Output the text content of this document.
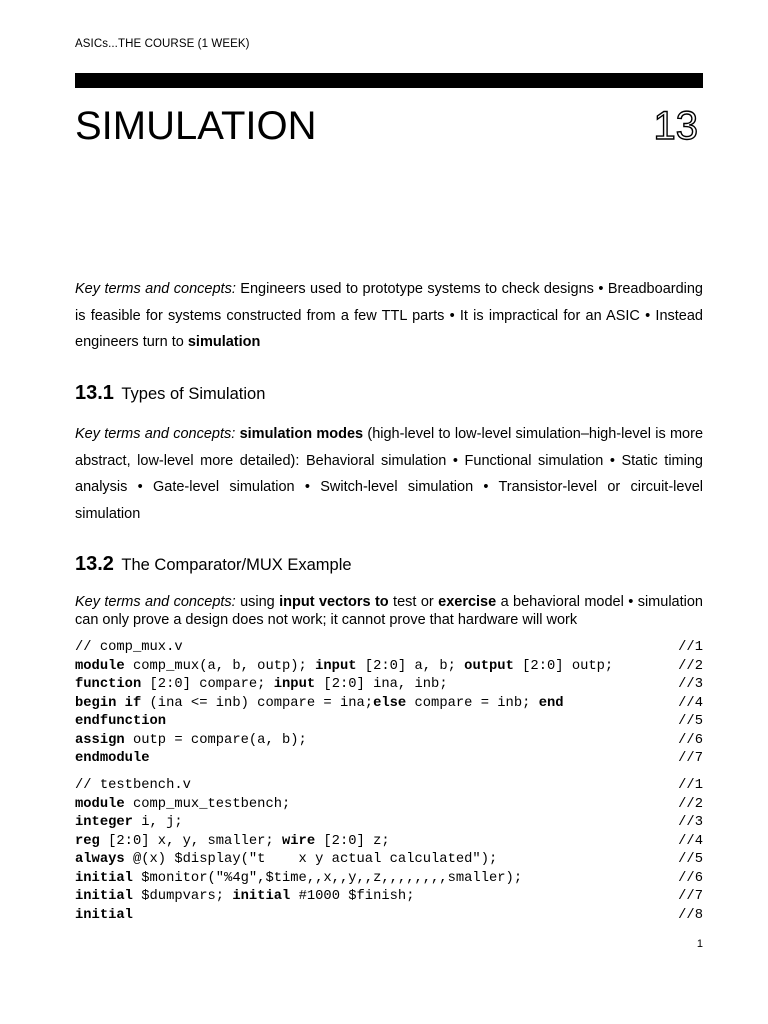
ASICs...THE COURSE (1 WEEK)
SIMULATION	13

Key terms and concepts: Engineers used to prototype systems to check designs • Breadboarding is feasible for systems constructed from a few TTL parts • It is impractical for an ASIC • Instead engineers turn to simulation

13.1 Types of Simulation

Key terms and concepts: simulation modes (high-level to low-level simulation–high-level is more abstract, low-level more detailed): Behavioral simulation • Functional simulation • Static timing analysis • Gate-level simulation • Switch-level simulation • Transistor-level or circuit-level simulation

13.2 The Comparator/MUX Example

Key terms and concepts: using input vectors to test or exercise a behavioral model • simulation can only prove a design does not work; it cannot prove that hardware will work

// comp_mux.v	//1
module comp_mux(a, b, outp); input [2:0] a, b; output [2:0] outp;	//2
function [2:0] compare; input [2:0] ina, inb;	//3
begin if (ina <= inb) compare = ina;else compare = inb; end	//4
endfunction	//5
assign outp = compare(a, b);	//6
endmodule	//7
// testbench.v	//1
module comp_mux_testbench;	//2
integer i, j;	//3
reg [2:0] x, y, smaller; wire [2:0] z;	//4
always @(x) $display("t    x y actual calculated");	//5
initial $monitor("%4g",$time,,x,,y,,z,,,,,,,,smaller);	//6
initial $dumpvars; initial #1000 $finish;	//7
initial	//8
1
